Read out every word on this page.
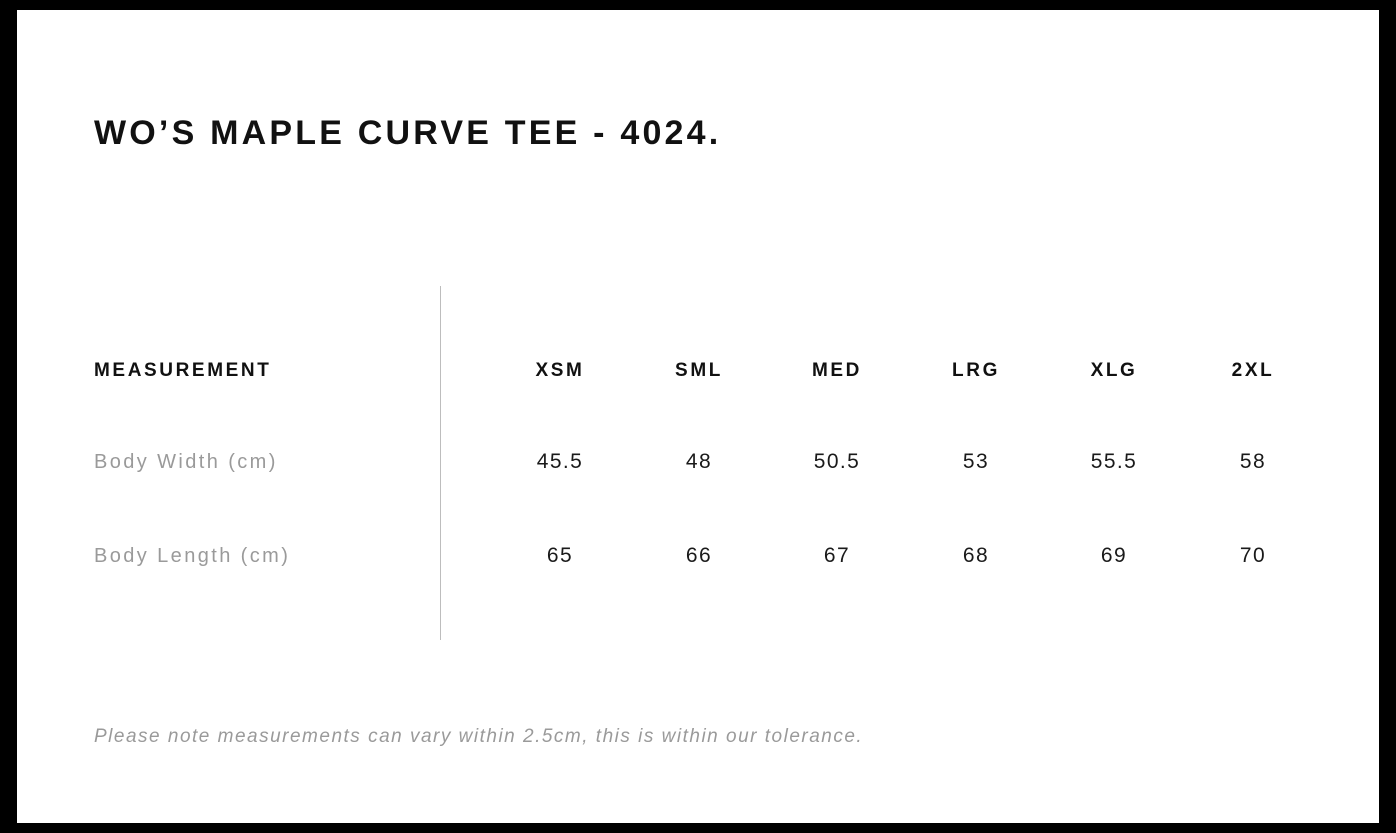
WO’S MAPLE CURVE TEE - 4024.
MEASUREMENT	XSM	SML	MED	LRG	XLG	2XL
Body Width (cm)	45.5	48	50.5	53	55.5	58
Body Length (cm)	65	66	67	68	69	70
Please note measurements can vary within 2.5cm, this is within our tolerance.
